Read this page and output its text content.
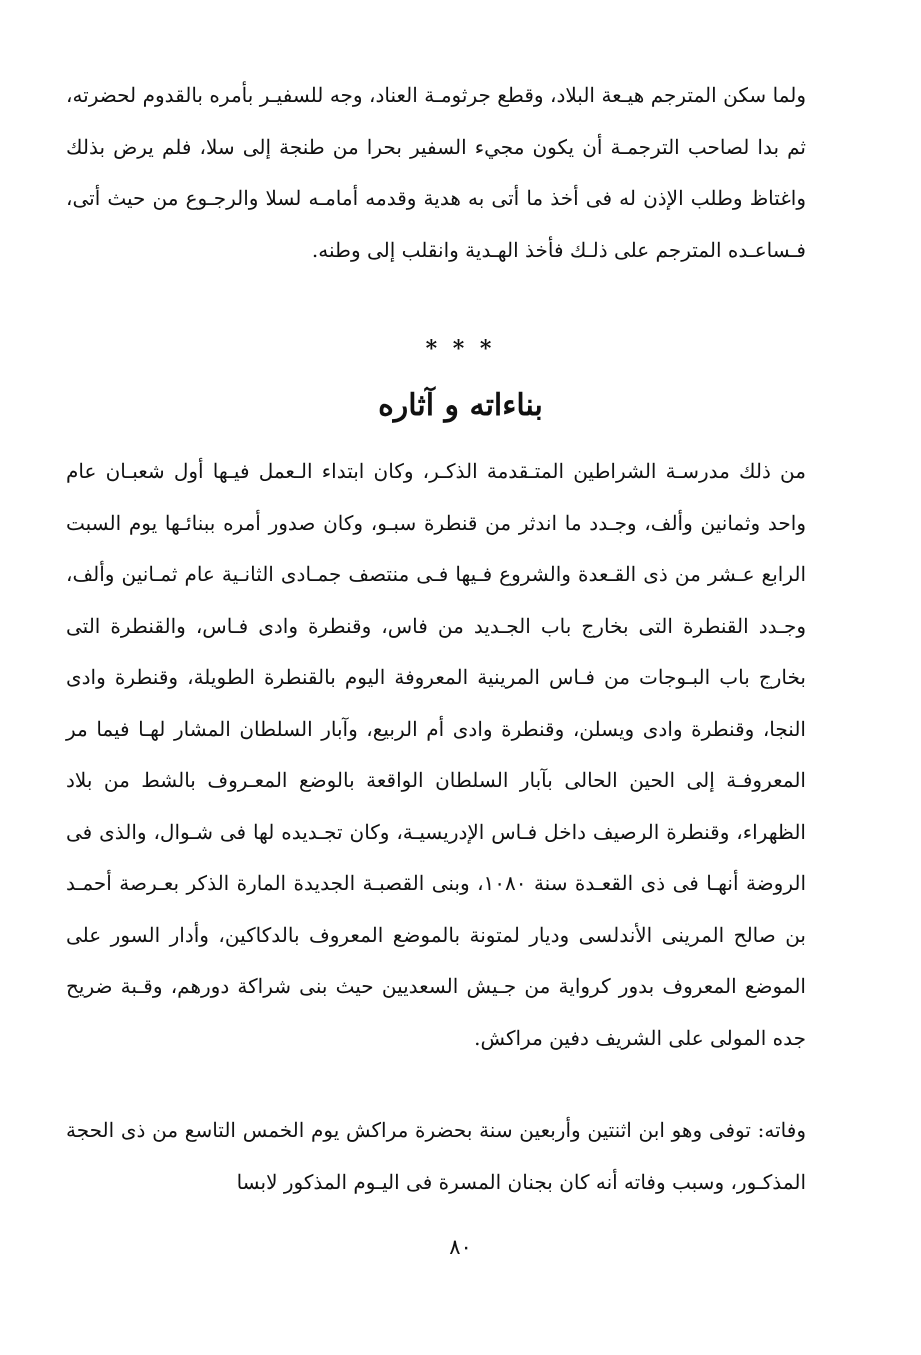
ولما سكن المترجم هيـعة البلاد، وقطع جرثومـة العناد، وجه للسفيـر بأمره بالقدوم لحضرته، ثم بدا لصاحب الترجمـة أن يكون مجيء السفير بحرا من طنجة إلى سلا، فلم يرض بذلك واغتاظ وطلب الإذن له فى أخذ ما أتى به هدية وقدمه أمامـه لسلا والرجـوع من حيث أتى، فـساعـده المترجم على ذلـك فأخذ الهـدية وانقلب إلى وطنه.

* * *
بناءاته و آثاره

من ذلك مدرسـة الشراطين المتـقدمة الذكـر، وكان ابتداء الـعمل فيـها أول شعبـان عام واحد وثمانين وألف، وجـدد ما اندثر من قنطرة سبـو، وكان صدور أمره ببنائـها يوم السبت الرابع عـشر من ذى القـعدة والشروع فـيها فـى منتصف جمـادى الثانـية عام ثمـانين وألف، وجـدد القنطرة التى بخارج باب الجـديد من فاس، وقنطرة وادى فـاس، والقنطرة التى بخارج باب البـوجات من فـاس المرينية المعروفة اليوم بالقنطرة الطويلة، وقنطرة وادى النجا، وقنطرة وادى ويسلن، وقنطرة وادى أم الربيع، وآبار السلطان المشار لهـا فيما مر المعروفـة إلى الحين الحالى بآبار السلطان الواقعة بالوضع المعـروف بالشط من بلاد الظهراء، وقنطرة الرصيف داخل فـاس الإدريسيـة، وكان تجـديده لها فى شـوال، والذى فى الروضة أنهـا فى ذى القعـدة سنة ١٠٨٠، وبنى القصبـة الجديدة المارة الذكر بعـرصة أحمـد بن صالح المرينى الأندلسى وديار لمتونة بالموضع المعروف بالدكاكين، وأدار السور على الموضع المعروف بدور كرواية من جـيش السعديين حيث بنى شراكة دورهم، وقـبة ضريح جده المولى على الشريف دفين مراكش.

وفاته: توفى وهو ابن اثنتين وأربعين سنة بحضرة مراكش يوم الخمس التاسع من ذى الحجة المذكـور، وسبب وفاته أنه كان بجنان المسرة فى اليـوم المذكور لابسا

٨٠
